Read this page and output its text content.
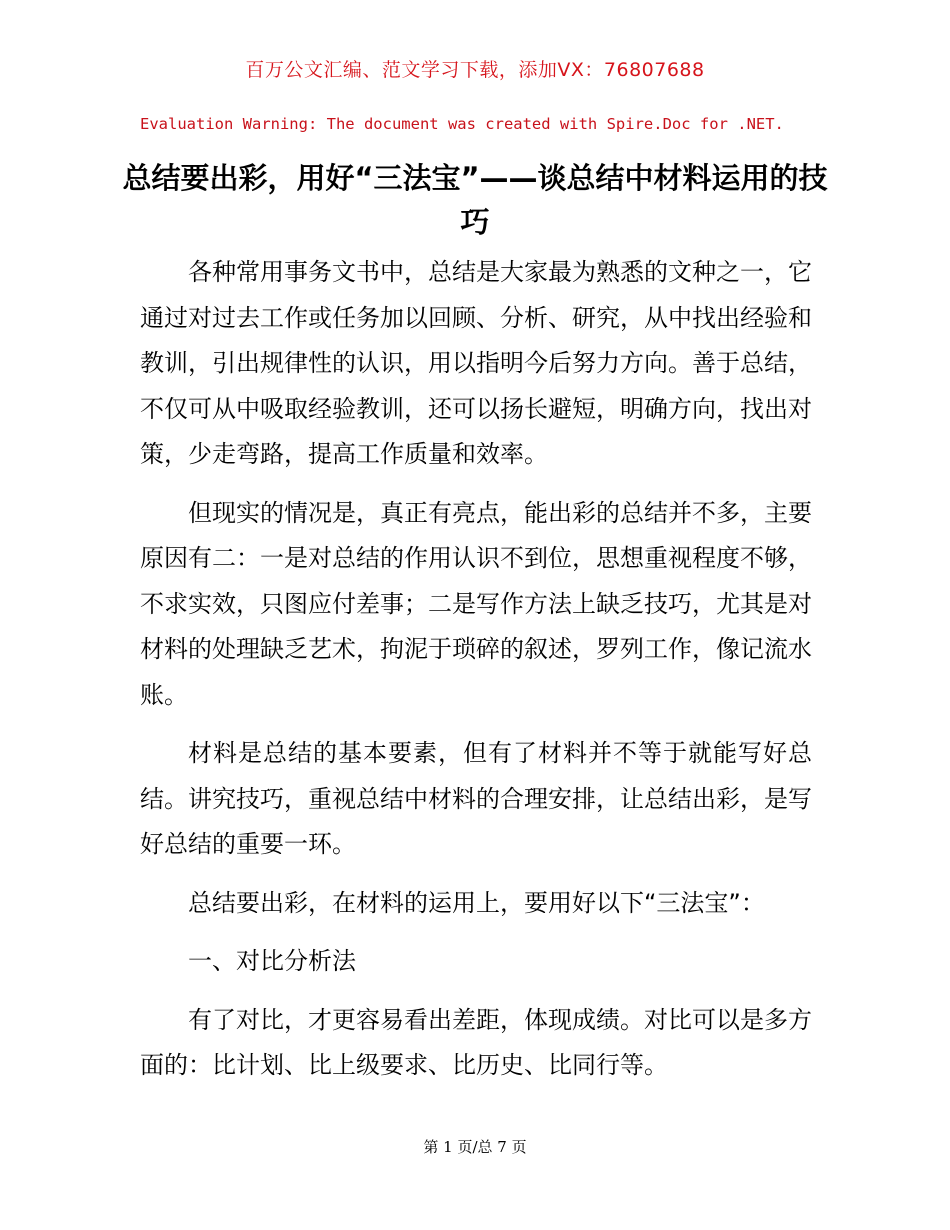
百万公文汇编、范文学习下载，添加VX：76807688
Evaluation Warning: The document was created with Spire.Doc for .NET.
总结要出彩，用好“三法宝”——谈总结中材料运用的技巧

各种常用事务文书中，总结是大家最为熟悉的文种之一，它通过对过去工作或任务加以回顾、分析、研究，从中找出经验和教训，引出规律性的认识，用以指明今后努力方向。善于总结，不仅可从中吸取经验教训，还可以扬长避短，明确方向，找出对策，少走弯路，提高工作质量和效率。

但现实的情况是，真正有亮点，能出彩的总结并不多，主要原因有二：一是对总结的作用认识不到位，思想重视程度不够，不求实效，只图应付差事；二是写作方法上缺乏技巧，尤其是对材料的处理缺乏艺术，拘泥于琐碎的叙述，罗列工作，像记流水账。

材料是总结的基本要素，但有了材料并不等于就能写好总结。讲究技巧，重视总结中材料的合理安排，让总结出彩，是写好总结的重要一环。

总结要出彩，在材料的运用上，要用好以下“三法宝”：

一、对比分析法

有了对比，才更容易看出差距，体现成绩。对比可以是多方面的：比计划、比上级要求、比历史、比同行等。

第 1 页/总 7 页
